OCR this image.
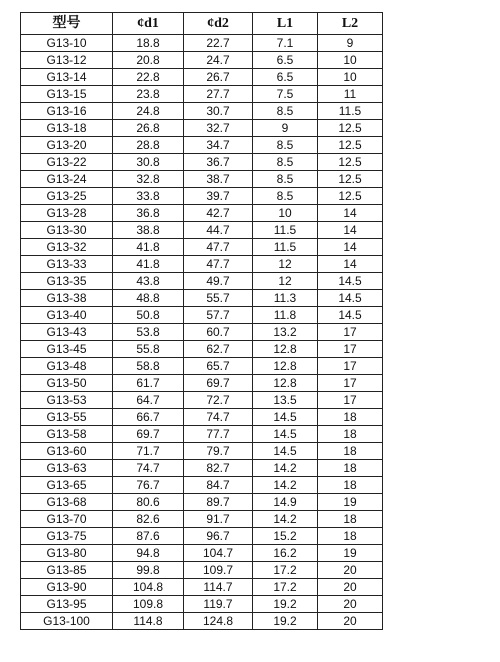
型号	¢d1	¢d2	L1	L2
G13-10	18.8	22.7	7.1	9
G13-12	20.8	24.7	6.5	10
G13-14	22.8	26.7	6.5	10
G13-15	23.8	27.7	7.5	11
G13-16	24.8	30.7	8.5	11.5
G13-18	26.8	32.7	9	12.5
G13-20	28.8	34.7	8.5	12.5
G13-22	30.8	36.7	8.5	12.5
G13-24	32.8	38.7	8.5	12.5
G13-25	33.8	39.7	8.5	12.5
G13-28	36.8	42.7	10	14
G13-30	38.8	44.7	11.5	14
G13-32	41.8	47.7	11.5	14
G13-33	41.8	47.7	12	14
G13-35	43.8	49.7	12	14.5
G13-38	48.8	55.7	11.3	14.5
G13-40	50.8	57.7	11.8	14.5
G13-43	53.8	60.7	13.2	17
G13-45	55.8	62.7	12.8	17
G13-48	58.8	65.7	12.8	17
G13-50	61.7	69.7	12.8	17
G13-53	64.7	72.7	13.5	17
G13-55	66.7	74.7	14.5	18
G13-58	69.7	77.7	14.5	18
G13-60	71.7	79.7	14.5	18
G13-63	74.7	82.7	14.2	18
G13-65	76.7	84.7	14.2	18
G13-68	80.6	89.7	14.9	19
G13-70	82.6	91.7	14.2	18
G13-75	87.6	96.7	15.2	18
G13-80	94.8	104.7	16.2	19
G13-85	99.8	109.7	17.2	20
G13-90	104.8	114.7	17.2	20
G13-95	109.8	119.7	19.2	20
G13-100	114.8	124.8	19.2	20
